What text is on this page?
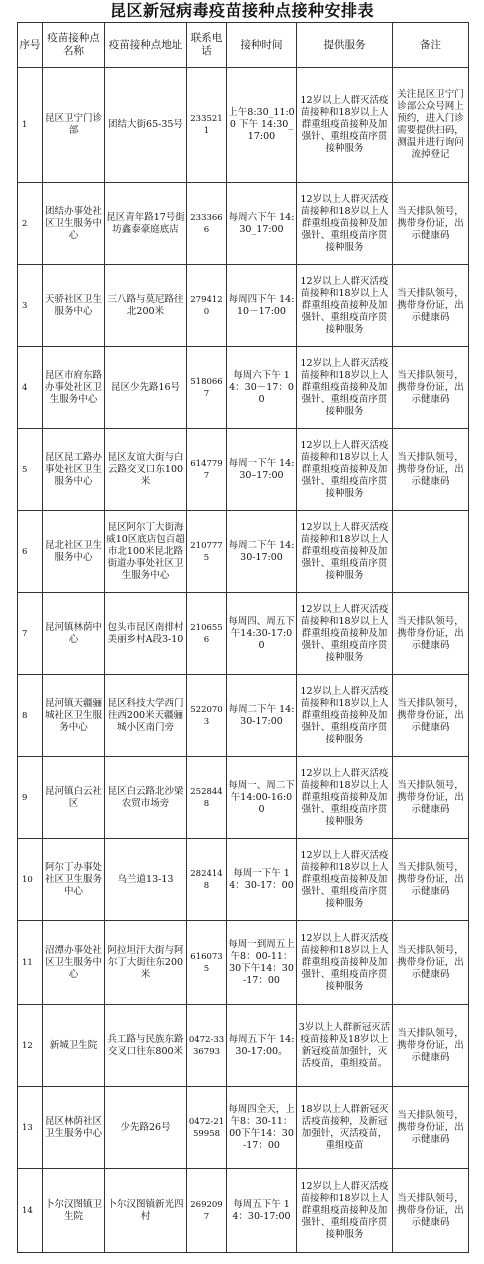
昆区新冠病毒疫苗接种点接种安排表
序号	疫苗接种点名称	疫苗接种点地址	联系电话	接种时间	提供服务	备注
1	昆区卫宁门诊部	团结大街65-35号	2335211	上午8:30_11:00 下午 14:30_17:00	12岁以上人群灭活疫苗接种和18岁以上人群重组疫苗接种及加强针、重组疫苗序贯接种服务	关注昆区卫宁门诊部公众号网上预约，进入门诊需要提供扫码，测温并进行询问流掉登记
2	团结办事处社区卫生服务中心	昆区青年路17号街坊鑫泰豪庭底店	2333666	每周六下午 14:30_17:00	12岁以上人群灭活疫苗接种和18岁以上人群重组疫苗接种及加强针、重组疫苗序贯接种服务	当天排队领号，携带身份证，出示健康码
3	天骄社区卫生服务中心	三八路与莫尼路往北200米	2794120	每周四下午 14:10－17:00	12岁以上人群灭活疫苗接种和18岁以上人群重组疫苗接种及加强针、重组疫苗序贯接种服务	当天排队领号，携带身份证，出示健康码
4	昆区市府东路办事处社区卫生服务中心	昆区少先路16号	5180667	每周六下午 14：30－17：00	12岁以上人群灭活疫苗接种和18岁以上人群重组疫苗接种及加强针、重组疫苗序贯接种服务	当天排队领号，携带身份证，出示健康码
5	昆区昆工路办事处社区卫生服务中心	昆区友谊大街与白云路交叉口东100米	6147797	每周一下午 14:30–17:00	12岁以上人群灭活疫苗接种和18岁以上人群重组疫苗接种及加强针、重组疫苗序贯接种服务	当天排队领号，携带身份证，出示健康码
6	昆北社区卫生服务中心	昆区阿尔丁大街海威10区底店包百超市北100米昆北路街道办事处社区卫生服务中心	2107775	每周二下午 14:30-17:00	12岁以上人群灭活疫苗接种和18岁以上人群重组疫苗接种及加强针、重组疫苗序贯接种服务	
7	昆河镇林荫中心	包头市昆区南排村美丽乡村A段3-10	2106556	每周四、周五下午14:30-17:00	12岁以上人群灭活疫苗接种和18岁以上人群重组疫苗接种及加强针、重组疫苗序贯接种服务	当天排队领号，携带身份证，出示健康码
8	昆河镇天疆骊城社区卫生服务中心	昆区科技大学西门往西200米天疆骊城小区南门旁	5220703	每周二下午 14:30-17:00	12岁以上人群灭活疫苗接种和18岁以上人群重组疫苗接种及加强针、重组疫苗序贯接种服务	当天排队领号，携带身份证，出示健康码
9	昆河镇白云社区	昆区白云路北沙梁农贸市场旁	2528448	每周一、周二下午14:00-16:00	12岁以上人群灭活疫苗接种和18岁以上人群重组疫苗接种及加强针、重组疫苗序贯接种服务	当天排队领号，携带身份证，出示健康码
10	阿尔丁办事处社区卫生服务中心	乌兰道13-13	2824148	每周一下午 14：30-17：00	12岁以上人群灭活疫苗接种和18岁以上人群重组疫苗接种及加强针、重组疫苗序贯接种服务	当天排队领号，携带身份证，出示健康码
11	沼潭办事处社区卫生服务中心	阿拉坦汗大街与阿尔丁大街往东200米	6160735	每周一到周五上午8：00-11：30下午14：30-17：00	12岁以上人群灭活疫苗接种和18岁以上人群重组疫苗接种及加强针、重组疫苗序贯接种服务	当天排队领号，携带身份证，出示健康码
12	新城卫生院	兵工路与民族东路交叉口往东800米	0472-3336793	每周五下午 14:30-17:00。	3岁以上人群新冠灭活疫苗接种及18岁以上新冠疫苗加强针，灭活疫苗，重组疫苗。	当天排队领号，携带身份证，出示健康码
13	昆区林荫社区卫生服务中心	少先路26号	0472-2159958	每周四全天，上午8：30-11：00下午14：30-17：00	18岁以上人群新冠灭活疫苗接种，及新冠加强针，灭活疫苗，重组疫苗	当天排队领号，携带身份证，出示健康码
14	卜尔汉图镇卫生院	卜尔汉图镇新光四村	2692097	每周五下午 14：30-17:00	12岁以上人群灭活疫苗接种和18岁以上人群重组疫苗接种及加强针、重组疫苗序贯接种服务	当天排队领号，携带身份证，出示健康码
